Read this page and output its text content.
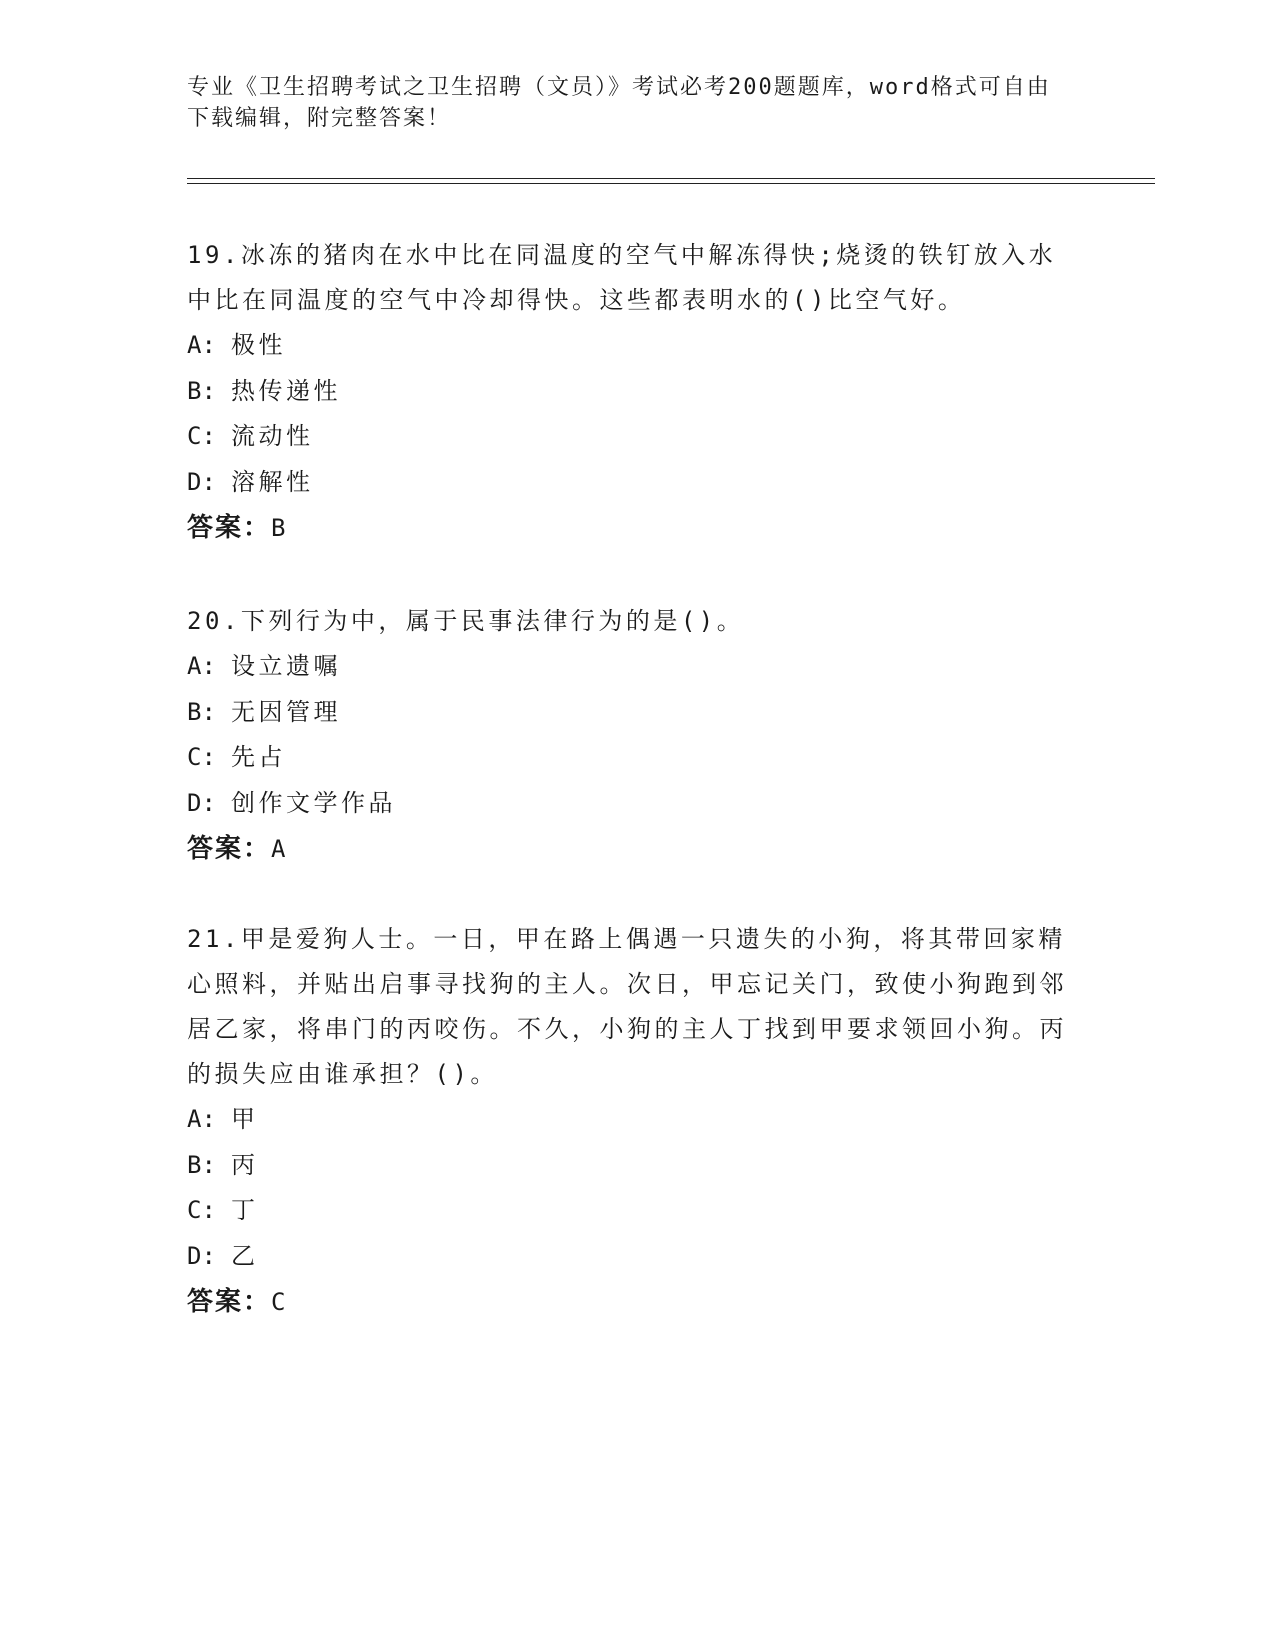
专业《卫生招聘考试之卫生招聘（文员）》考试必考200题题库，word格式可自由下载编辑，附完整答案！

19.冰冻的猪肉在水中比在同温度的空气中解冻得快;烧烫的铁钉放入水中比在同温度的空气中冷却得快。这些都表明水的()比空气好。

A: 极性

B: 热传递性

C: 流动性

D: 溶解性

答案：B

20.下列行为中，属于民事法律行为的是()。

A: 设立遗嘱

B: 无因管理

C: 先占

D: 创作文学作品

答案：A

21.甲是爱狗人士。一日，甲在路上偶遇一只遗失的小狗，将其带回家精心照料，并贴出启事寻找狗的主人。次日，甲忘记关门，致使小狗跑到邻居乙家，将串门的丙咬伤。不久，小狗的主人丁找到甲要求领回小狗。丙的损失应由谁承担？()。

A: 甲

B: 丙

C: 丁

D: 乙

答案：C
